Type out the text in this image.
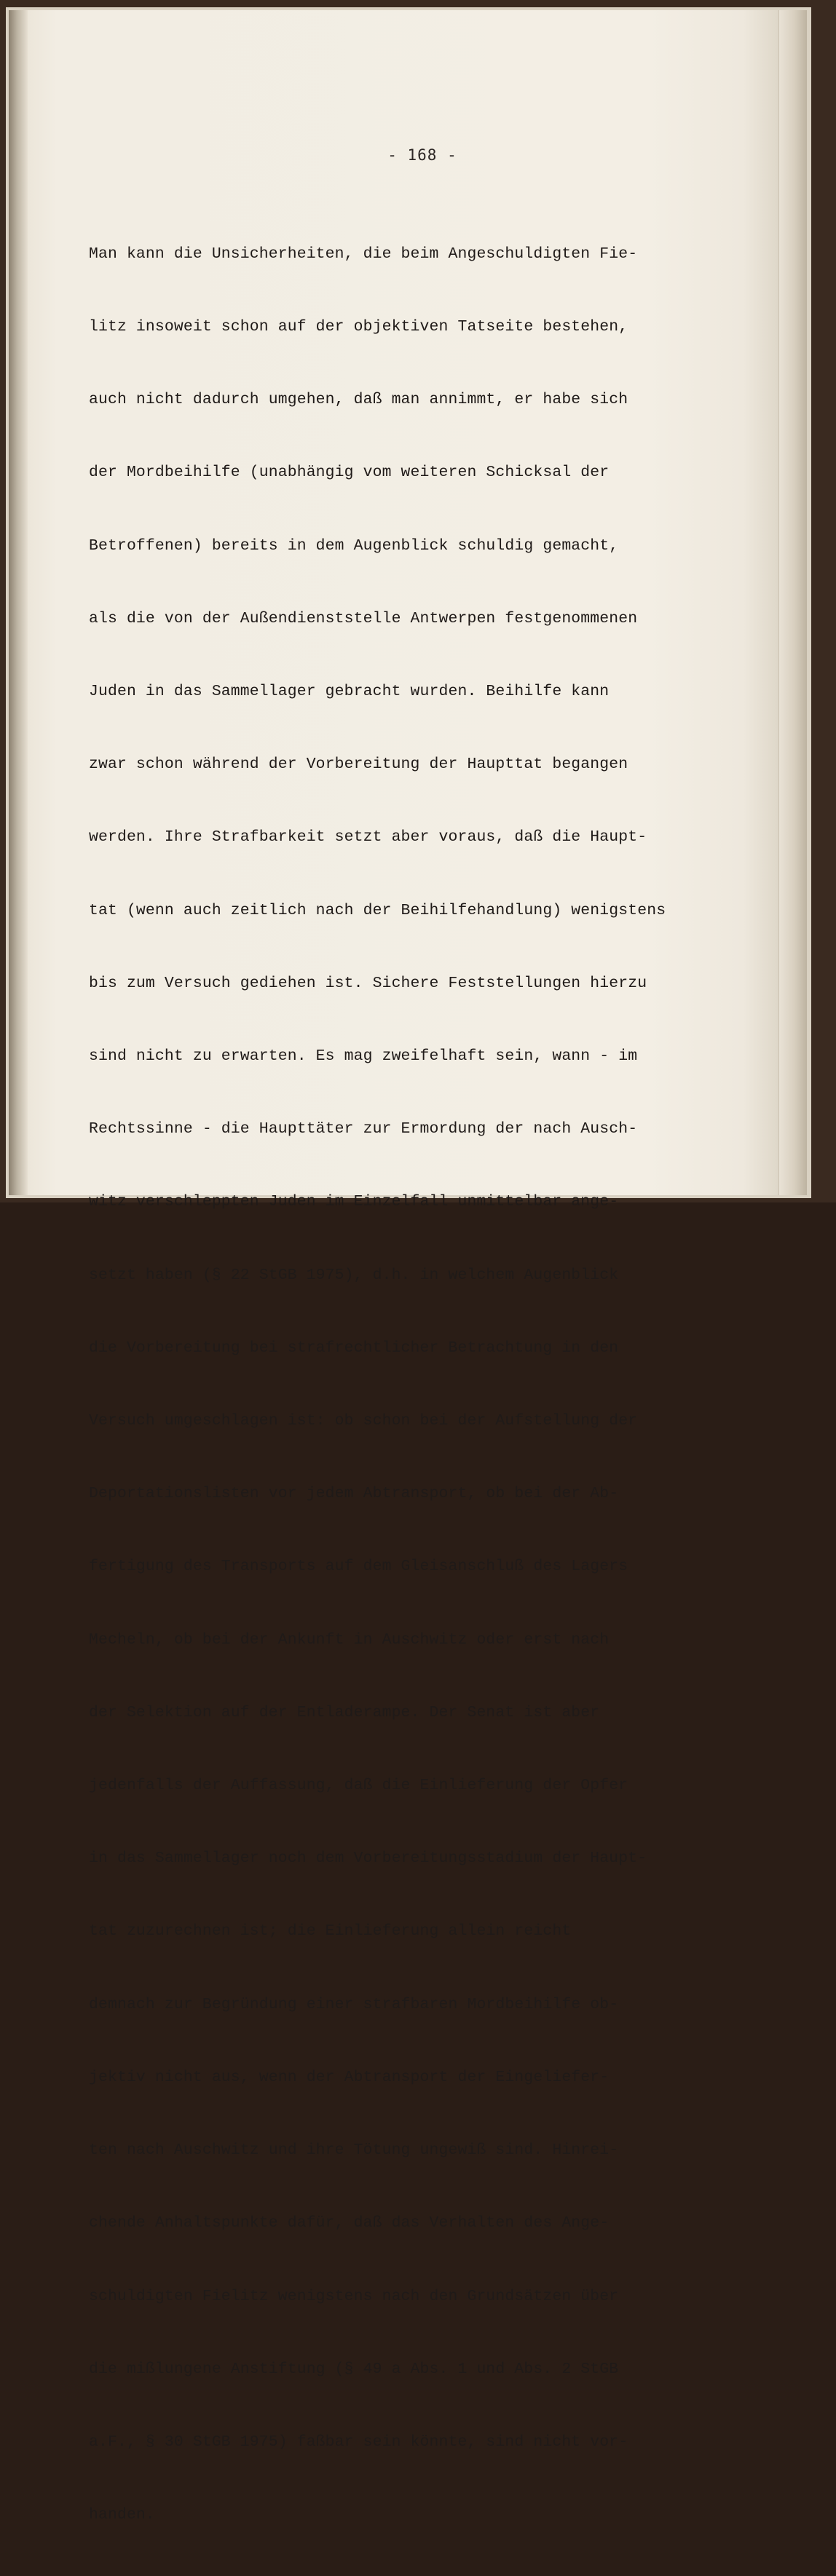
- 168 -

Man kann die Unsicherheiten, die beim Angeschuldigten Fie-

litz insoweit schon auf der objektiven Tatseite bestehen,

auch nicht dadurch umgehen, daß man annimmt, er habe sich

der Mordbeihilfe (unabhängig vom weiteren Schicksal der

Betroffenen) bereits in dem Augenblick schuldig gemacht,

als die von der Außendienststelle Antwerpen festgenommenen

Juden in das Sammellager gebracht wurden. Beihilfe kann

zwar schon während der Vorbereitung der Haupttat begangen

werden. Ihre Strafbarkeit setzt aber voraus, daß die Haupt-

tat (wenn auch zeitlich nach der Beihilfehandlung) wenigstens

bis zum Versuch gediehen ist. Sichere Feststellungen hierzu

sind nicht zu erwarten. Es mag zweifelhaft sein, wann - im

Rechtssinne - die Haupttäter zur Ermordung der nach Ausch-

witz verschleppten Juden im Einzelfall unmittelbar ange-

setzt haben (§ 22 StGB 1975), d.h. in welchem Augenblick

die Vorbereitung bei strafrechtlicher Betrachtung in den

Versuch umgeschlagen ist: ob schon bei der Aufstellung der

Deportationslisten vor jedem Abtransport, ob bei der Ab-

fertigung des Transports auf dem Gleisanschluß des Lagers

Mecheln, ob bei der Ankunft in Auschwitz oder erst nach

der Selektion auf der Entladerampe. Der Senat ist aber

jedenfalls der Auffassung, daß die Einlieferung der Opfer

in das Sammellager noch dem Vorbereitungsstadium der Haupt-

tat zuzurechnen ist; die Einlieferung allein reicht

demnach zur Begründung einer strafbaren Mordbeihilfe ob-

jektiv nicht aus, wenn der Abtransport der Eingeliefer-

ten nach Auschwitz und ihre Tötung ungewiß sind. Hinrei-

chende Anhaltspunkte dafür, daß das Verhalten des Ange-

schuldigten Fielitz wenigstens nach den Grundsätzen über

die mißlungene Anstiftung (§ 49 a Abs. 1 und Abs. 2 StGB

a.F., § 30 StGB 1975) faßbar sein könnte, sind nicht vor-

handen.
